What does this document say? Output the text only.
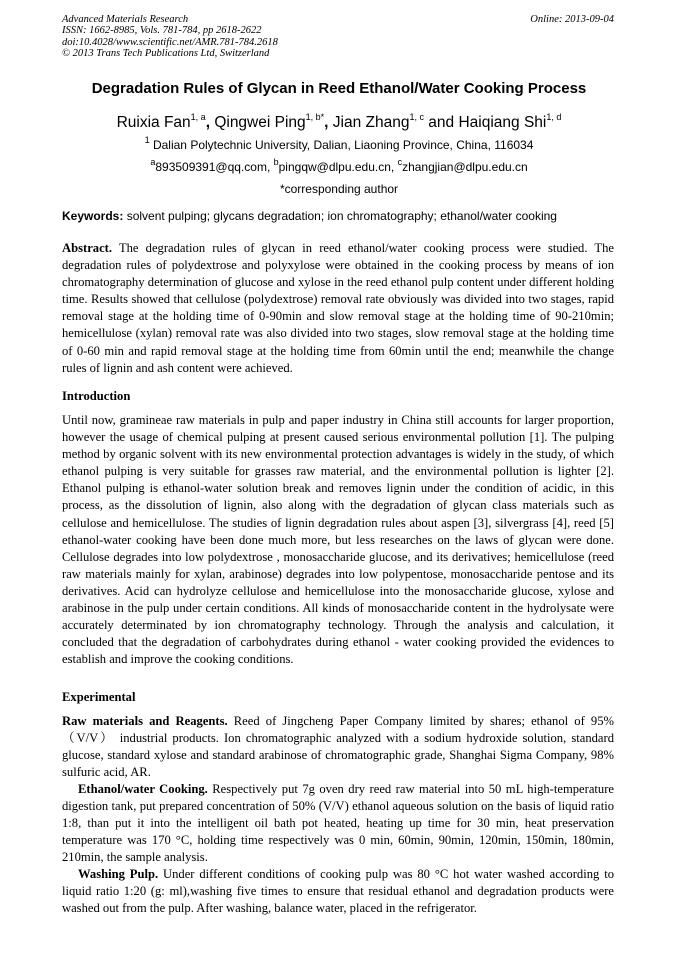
Advanced Materials Research
ISSN: 1662-8985, Vols. 781-784, pp 2618-2622
doi:10.4028/www.scientific.net/AMR.781-784.2618
© 2013 Trans Tech Publications Ltd, Switzerland
Online: 2013-09-04
Degradation Rules of Glycan in Reed Ethanol/Water Cooking Process
Ruixia Fan$^{1, a}$, Qingwei Ping$^{1, b*}$, Jian Zhang$^{1, c}$ and Haiqiang Shi$^{1, d}$
$^1$ Dalian Polytechnic University, Dalian, Liaoning Province, China, 116034
$^a$893509391@qq.com, $^b$pingqw@dlpu.edu.cn, $^c$zhangjian@dlpu.edu.cn
*corresponding author
Keywords: solvent pulping; glycans degradation; ion chromatography; ethanol/water cooking
Abstract. The degradation rules of glycan in reed ethanol/water cooking process were studied. The degradation rules of polydextrose and polyxylose were obtained in the cooking process by means of ion chromatography determination of glucose and xylose in the reed ethanol pulp content under different holding time. Results showed that cellulose (polydextrose) removal rate obviously was divided into two stages, rapid removal stage at the holding time of 0-90min and slow removal stage at the holding time of 90-210min; hemicellulose (xylan) removal rate was also divided into two stages, slow removal stage at the holding time of 0-60 min and rapid removal stage at the holding time from 60min until the end; meanwhile the change rules of lignin and ash content were achieved.
Introduction
Until now, gramineae raw materials in pulp and paper industry in China still accounts for larger proportion, however the usage of chemical pulping at present caused serious environmental pollution [1]. The pulping method by organic solvent with its new environmental protection advantages is widely in the study, of which ethanol pulping is very suitable for grasses raw material, and the environmental pollution is lighter [2]. Ethanol pulping is ethanol-water solution break and removes lignin under the condition of acidic, in this process, as the dissolution of lignin, also along with the degradation of glycan class materials such as cellulose and hemicellulose. The studies of lignin degradation rules about aspen [3], silvergrass [4], reed [5] ethanol-water cooking have been done much more, but less researches on the laws of glycan were done. Cellulose degrades into low polydextrose , monosaccharide glucose, and its derivatives; hemicellulose (reed raw materials mainly for xylan, arabinose) degrades into low polypentose, monosaccharide pentose and its derivatives. Acid can hydrolyze cellulose and hemicellulose into the monosaccharide glucose, xylose and arabinose in the pulp under certain conditions. All kinds of monosaccharide content in the hydrolysate were accurately determinated by ion chromatography technology. Through the analysis and calculation, it concluded that the degradation of carbohydrates during ethanol - water cooking provided the evidences to establish and improve the cooking conditions.
Experimental
Raw materials and Reagents. Reed of Jingcheng Paper Company limited by shares; ethanol of 95% （V/V） industrial products. Ion chromatographic analyzed with a sodium hydroxide solution, standard glucose, standard xylose and standard arabinose of chromatographic grade, Shanghai Sigma Company, 98% sulfuric acid, AR.
Ethanol/water Cooking. Respectively put 7g oven dry reed raw material into 50 mL high-temperature digestion tank, put prepared concentration of 50% (V/V) ethanol aqueous solution on the basis of liquid ratio 1:8, than put it into the intelligent oil bath pot heated, heating up time for 30 min, heat preservation temperature was 170 °C, holding time respectively was 0 min, 60min, 90min, 120min, 150min, 180min, 210min, the sample analysis.
Washing Pulp. Under different conditions of cooking pulp was 80 °C hot water washed according to liquid ratio 1:20 (g: ml),washing five times to ensure that residual ethanol and degradation products were washed out from the pulp. After washing, balance water, placed in the refrigerator.
